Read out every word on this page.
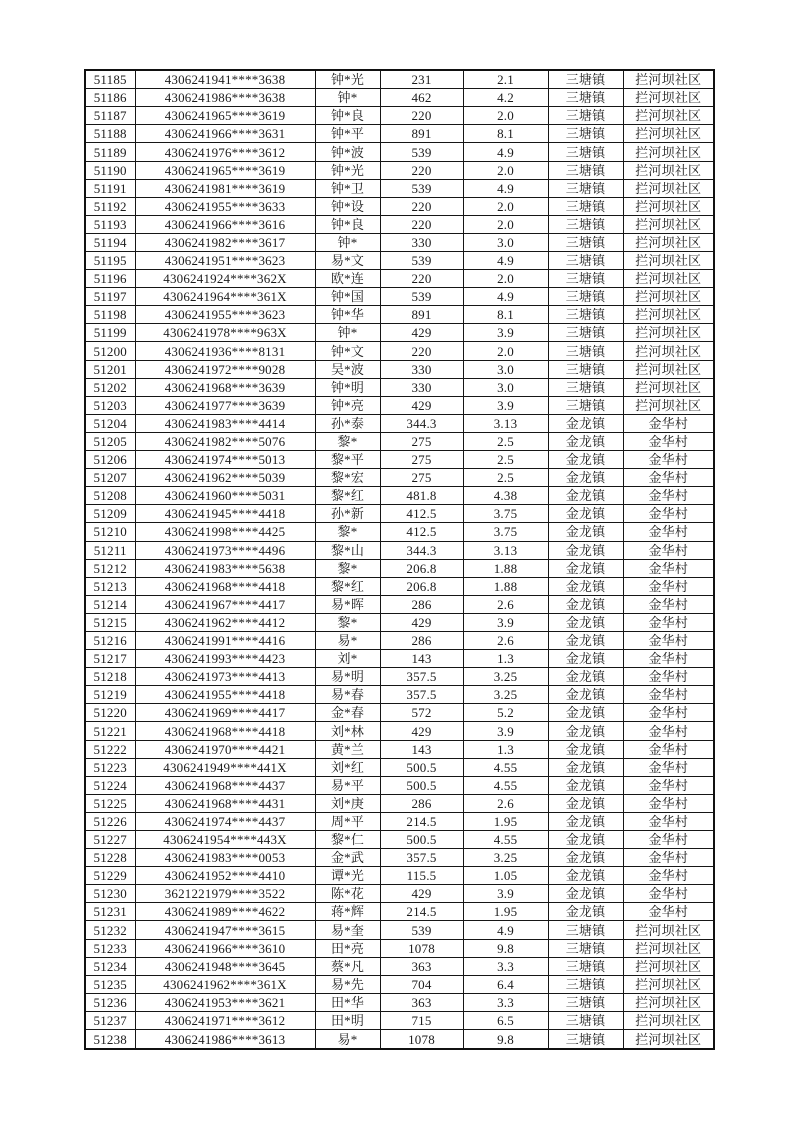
51185	4306241941****3638	钟*光	231	2.1	三塘镇	拦河坝社区
51186	4306241986****3638	钟*	462	4.2	三塘镇	拦河坝社区
51187	4306241965****3619	钟*良	220	2.0	三塘镇	拦河坝社区
51188	4306241966****3631	钟*平	891	8.1	三塘镇	拦河坝社区
51189	4306241976****3612	钟*波	539	4.9	三塘镇	拦河坝社区
51190	4306241965****3619	钟*光	220	2.0	三塘镇	拦河坝社区
51191	4306241981****3619	钟*卫	539	4.9	三塘镇	拦河坝社区
51192	4306241955****3633	钟*设	220	2.0	三塘镇	拦河坝社区
51193	4306241966****3616	钟*良	220	2.0	三塘镇	拦河坝社区
51194	4306241982****3617	钟*	330	3.0	三塘镇	拦河坝社区
51195	4306241951****3623	易*文	539	4.9	三塘镇	拦河坝社区
51196	4306241924****362X	欧*连	220	2.0	三塘镇	拦河坝社区
51197	4306241964****361X	钟*国	539	4.9	三塘镇	拦河坝社区
51198	4306241955****3623	钟*华	891	8.1	三塘镇	拦河坝社区
51199	4306241978****963X	钟*	429	3.9	三塘镇	拦河坝社区
51200	4306241936****8131	钟*文	220	2.0	三塘镇	拦河坝社区
51201	4306241972****9028	吴*波	330	3.0	三塘镇	拦河坝社区
51202	4306241968****3639	钟*明	330	3.0	三塘镇	拦河坝社区
51203	4306241977****3639	钟*亮	429	3.9	三塘镇	拦河坝社区
51204	4306241983****4414	孙*泰	344.3	3.13	金龙镇	金华村
51205	4306241982****5076	黎*	275	2.5	金龙镇	金华村
51206	4306241974****5013	黎*平	275	2.5	金龙镇	金华村
51207	4306241962****5039	黎*宏	275	2.5	金龙镇	金华村
51208	4306241960****5031	黎*红	481.8	4.38	金龙镇	金华村
51209	4306241945****4418	孙*新	412.5	3.75	金龙镇	金华村
51210	4306241998****4425	黎*	412.5	3.75	金龙镇	金华村
51211	4306241973****4496	黎*山	344.3	3.13	金龙镇	金华村
51212	4306241983****5638	黎*	206.8	1.88	金龙镇	金华村
51213	4306241968****4418	黎*红	206.8	1.88	金龙镇	金华村
51214	4306241967****4417	易*晖	286	2.6	金龙镇	金华村
51215	4306241962****4412	黎*	429	3.9	金龙镇	金华村
51216	4306241991****4416	易*	286	2.6	金龙镇	金华村
51217	4306241993****4423	刘*	143	1.3	金龙镇	金华村
51218	4306241973****4413	易*明	357.5	3.25	金龙镇	金华村
51219	4306241955****4418	易*春	357.5	3.25	金龙镇	金华村
51220	4306241969****4417	金*春	572	5.2	金龙镇	金华村
51221	4306241968****4418	刘*林	429	3.9	金龙镇	金华村
51222	4306241970****4421	黄*兰	143	1.3	金龙镇	金华村
51223	4306241949****441X	刘*红	500.5	4.55	金龙镇	金华村
51224	4306241968****4437	易*平	500.5	4.55	金龙镇	金华村
51225	4306241968****4431	刘*庚	286	2.6	金龙镇	金华村
51226	4306241974****4437	周*平	214.5	1.95	金龙镇	金华村
51227	4306241954****443X	黎*仁	500.5	4.55	金龙镇	金华村
51228	4306241983****0053	金*武	357.5	3.25	金龙镇	金华村
51229	4306241952****4410	谭*光	115.5	1.05	金龙镇	金华村
51230	3621221979****3522	陈*花	429	3.9	金龙镇	金华村
51231	4306241989****4622	蒋*辉	214.5	1.95	金龙镇	金华村
51232	4306241947****3615	易*奎	539	4.9	三塘镇	拦河坝社区
51233	4306241966****3610	田*亮	1078	9.8	三塘镇	拦河坝社区
51234	4306241948****3645	蔡*凡	363	3.3	三塘镇	拦河坝社区
51235	4306241962****361X	易*先	704	6.4	三塘镇	拦河坝社区
51236	4306241953****3621	田*华	363	3.3	三塘镇	拦河坝社区
51237	4306241971****3612	田*明	715	6.5	三塘镇	拦河坝社区
51238	4306241986****3613	易*	1078	9.8	三塘镇	拦河坝社区
